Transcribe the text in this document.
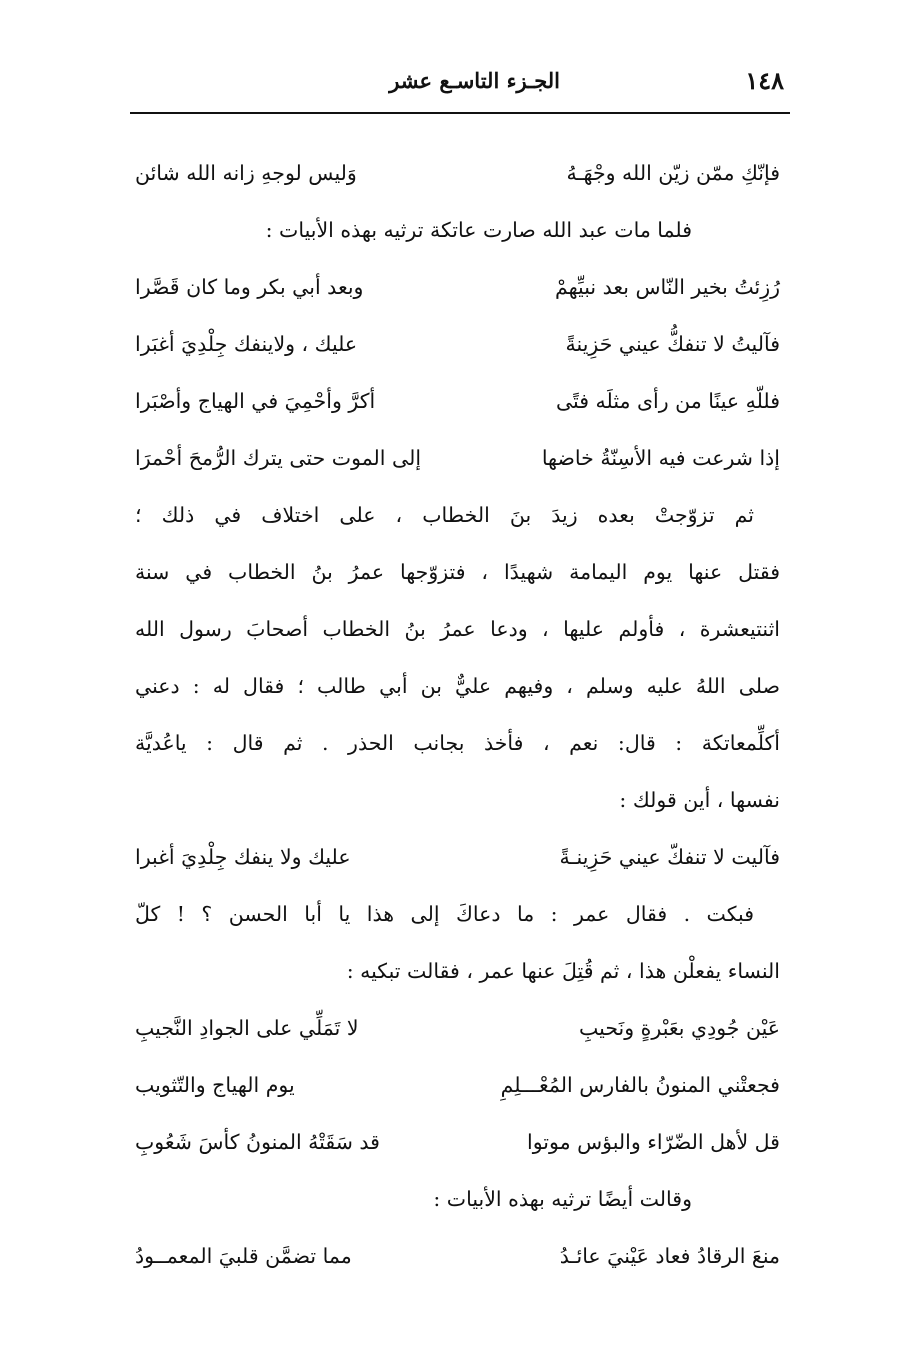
١٤٨
الجـزء التاسـع عشر
فإنّكِ ممّن زيّن الله وجْهَـهُ
وَليس لوجهِ زانه الله شائن
فلما مات عبد الله صارت عاتكة ترثيه بهذه الأبيات :
رُزِئتُ بخير النّاس بعد نبيِّهمْ
وبعد أبي بكر وما كان قَصَّرا
فآليتُ لا تنفكُّ عيني حَزِينةً
عليك ، ولاينفك جِلْدِيَ أغبَرا
فللّهِ عينًا من رأى مثلَه فتًى
أكرَّ وأحْمِيَ في الهياج وأصْبَرا
إذا شرعت فيه الأسِنّةُ خاضها
إلى الموت حتى يترك الرُّمحَ أحْمرَا
ثم تزوّجتْ بعده زيدَ بنَ الخطاب ، على اختلاف في ذلك ؛
فقتل عنها يوم اليمامة شهيدًا ، فتزوّجها عمرُ بنُ الخطاب في سنة
اثنتيعشرة ، فأولم عليها ، ودعا عمرُ بنُ الخطاب أصحابَ رسول الله
صلى اللهُ عليه وسلم ، وفيهم عليٌّ بن أبي طالب ؛ فقال له : دعني
أكلِّمعاتكة : قال: نعم ، فأخذ بجانب الحذر . ثم قال : ياعُديَّة
نفسها ، أين قولك :
فآليت لا تنفكّ عيني حَزِينـةً
عليك ولا ينفك جِلْدِيَ أغبرا
فبكت . فقال عمر : ما دعاكَ إلى هذا يا أبا الحسن ؟ ! كلّ
النساء يفعلْن هذا ، ثم قُتِلَ عنها عمر ، فقالت تبكيه :
عَيْن جُودِي بعَبْرةٍ ونَحيبِ
لا تَمَلِّي على الجوادِ النَّجيبِ
فجعتْني المنونُ بالفارس المُعْـــلِمِ
يوم الهياج والتّثويب
قل لأهل الضّرّاء والبؤس موتوا
قد سَقَتْهُ المنونُ كأسَ شَعُوبِ
وقالت أيضًا ترثيه بهذه الأبيات :
منعَ الرقادُ فعاد عَيْنيَ عائـدُ
مما تضمَّن قلبيَ المعمــودُ
